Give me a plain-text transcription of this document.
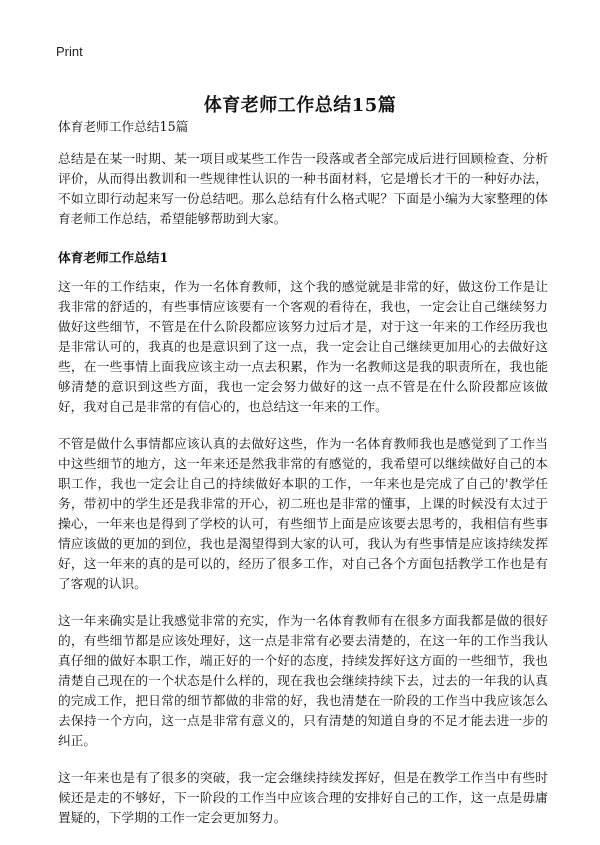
Print
体育老师工作总结15篇

体育老师工作总结15篇

总结是在某一时期、某一项目或某些工作告一段落或者全部完成后进行回顾检查、分析评价，从而得出教训和一些规律性认识的一种书面材料，它是增长才干的一种好办法，不如立即行动起来写一份总结吧。那么总结有什么格式呢？下面是小编为大家整理的体育老师工作总结，希望能够帮助到大家。

体育老师工作总结1

这一年的工作结束，作为一名体育教师，这个我的感觉就是非常的好，做这份工作是让我非常的舒适的，有些事情应该要有一个客观的看待在，我也，一定会让自己继续努力做好这些细节，不管是在什么阶段都应该努力过后才是，对于这一年来的工作经历我也是非常认可的，我真的也是意识到了这一点，我一定会让自己继续更加用心的去做好这些，在一些事情上面我应该主动一点去积累，作为一名教师这是我的职责所在，我也能够清楚的意识到这些方面，我也一定会努力做好的这一点不管是在什么阶段都应该做好，我对自己是非常的有信心的，也总结这一年来的工作。

不管是做什么事情都应该认真的去做好这些，作为一名体育教师我也是感觉到了工作当中这些细节的地方，这一年来还是然我非常的有感觉的，我希望可以继续做好自己的本职工作，我也一定会让自己的持续做好本职的工作，一年来也是完成了自己的'教学任务，带初中的学生还是我非常的开心，初二班也是非常的懂事，上课的时候没有太过于操心，一年来也是得到了学校的认可，有些细节上面是应该要去思考的，我相信有些事情应该做的更加的到位，我也是渴望得到大家的认可，我认为有些事情是应该持续发挥好，这一年来的真的是可以的，经历了很多工作，对自己各个方面包括教学工作也是有了客观的认识。

这一年来确实是让我感觉非常的充实，作为一名体育教师有在很多方面我都是做的很好的，有些细节都是应该处理好，这一点是非常有必要去清楚的，在这一年的工作当我认真仔细的做好本职工作，端正好的一个好的态度，持续发挥好这方面的一些细节，我也清楚自己现在的一个状态是什么样的，现在我也会继续持续下去，过去的一年我的认真的完成工作，把日常的细节都做的非常的好，我也清楚在一阶段的工作当中我应该怎么去保持一个方向，这一点是非常有意义的，只有清楚的知道自身的不足才能去进一步的纠正。

这一年来也是有了很多的突破，我一定会继续持续发挥好，但是在教学工作当中有些时候还是走的不够好，下一阶段的工作当中应该合理的安排好自己的工作，这一点是毋庸置疑的，下学期的工作一定会更加努力。
